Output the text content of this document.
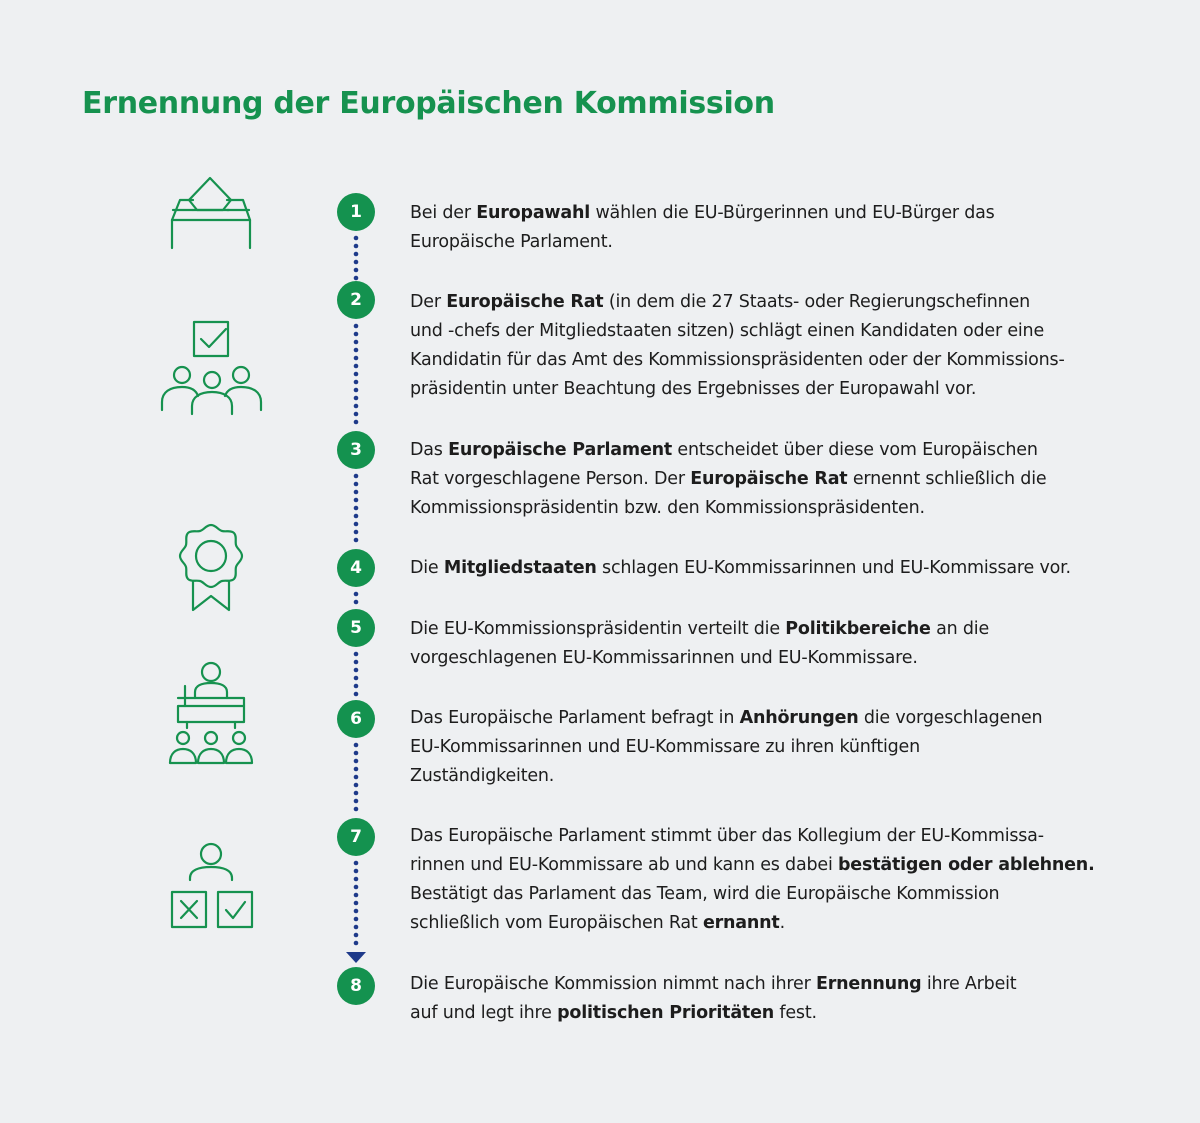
Ernennung der Europäischen Kommission
1	Bei der Europawahl wählen die EU-Bürgerinnen und EU-Bürger das
Europäische Parlament.
2	Der Europäische Rat (in dem die 27 Staats- oder Regierungschefinnen
und -chefs der Mitgliedstaaten sitzen) schlägt einen Kandidaten oder eine
Kandidatin für das Amt des Kommissionspräsidenten oder der Kommissions-
präsidentin unter Beachtung des Ergebnisses der Europawahl vor.
3	Das Europäische Parlament entscheidet über diese vom Europäischen
Rat vorgeschlagene Person. Der Europäische Rat ernennt schließlich die
Kommissionspräsidentin bzw. den Kommissionspräsidenten.
4	Die Mitgliedstaaten schlagen EU-Kommissarinnen und EU-Kommissare vor.
5	Die EU-Kommissionspräsidentin verteilt die Politikbereiche an die
vorgeschlagenen EU-Kommissarinnen und EU-Kommissare.
6	Das Europäische Parlament befragt in Anhörungen die vorgeschlagenen
EU-Kommissarinnen und EU-Kommissare zu ihren künftigen
Zuständigkeiten.
7	Das Europäische Parlament stimmt über das Kollegium der EU-Kommissa-
rinnen und EU-Kommissare ab und kann es dabei bestätigen oder ablehnen.
Bestätigt das Parlament das Team, wird die Europäische Kommission
schließlich vom Europäischen Rat ernannt.
8	Die Europäische Kommission nimmt nach ihrer Ernennung ihre Arbeit
auf und legt ihre politischen Prioritäten fest.
